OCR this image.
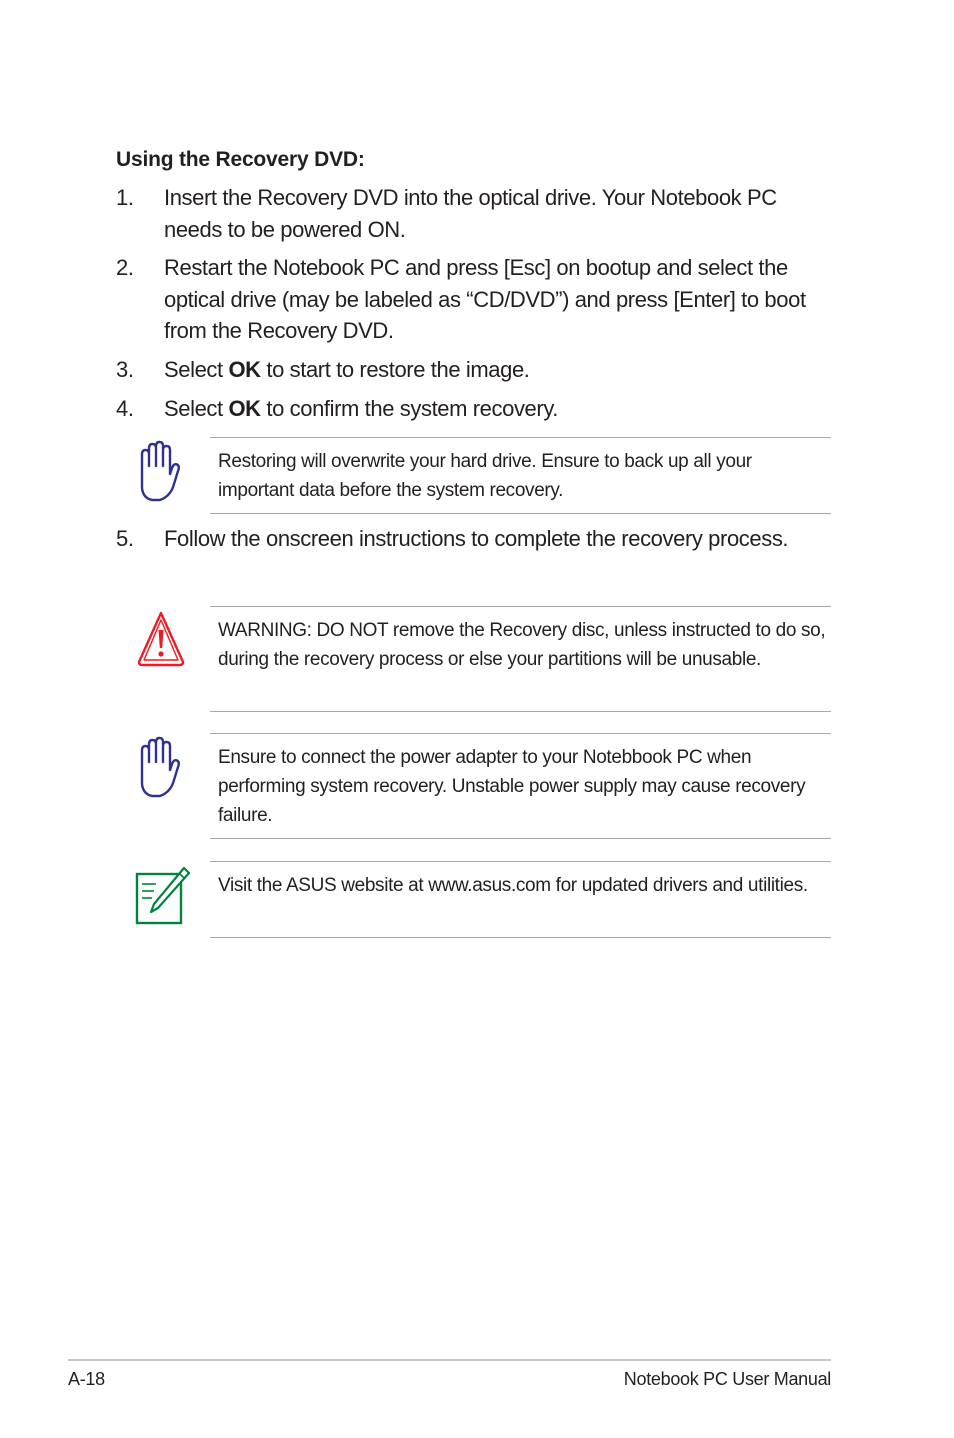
Using the Recovery DVD:
1. Insert the Recovery DVD into the optical drive. Your Notebook PC needs to be powered ON.
2. Restart the Notebook PC and press [Esc] on bootup and select the optical drive (may be labeled as “CD/DVD”) and press [Enter] to boot from the Recovery DVD.
3. Select OK to start to restore the image.
4. Select OK to confirm the system recovery.
Restoring will overwrite your hard drive. Ensure to back up all your important data before the system recovery.
5. Follow the onscreen instructions to complete the recovery process.
WARNING: DO NOT remove the Recovery disc, unless instructed to do so, during the recovery process or else your partitions will be unusable.
Ensure to connect the power adapter to your Notebbook PC when performing system recovery. Unstable power supply may cause recovery failure.
Visit the ASUS website at www.asus.com for updated drivers and utilities.
A-18	Notebook PC User Manual
